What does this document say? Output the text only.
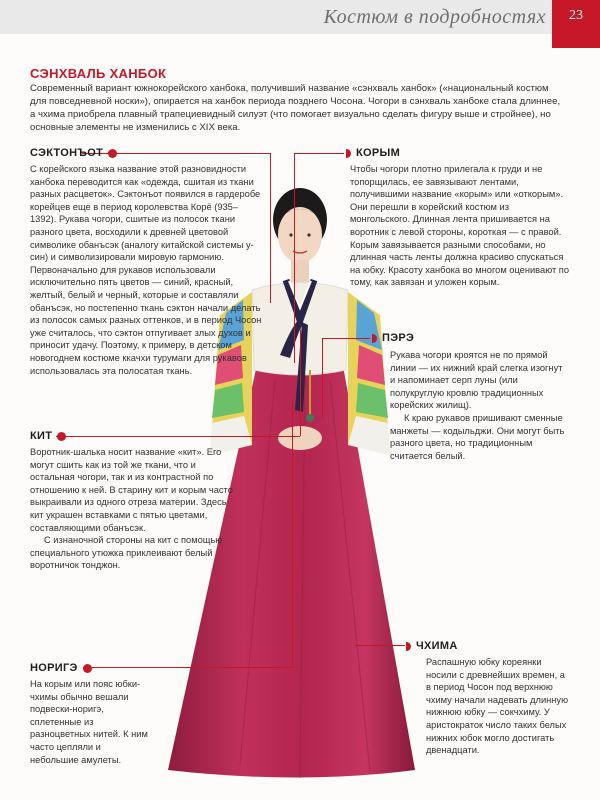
Костюм в подробностях	23
СЭНХВАЛЬ ХАНБОК

Современный вариант южнокорейского ханбока, получивший название «сэнхваль ханбок» («национальный костюм для повседневной носки»), опирается на ханбок периода позднего Чосона. Чогори в сэнхваль ханбоке стала длиннее, а чхима приобрела плавный трапециевидный силуэт (что помогает визуально сделать фигуру выше и стройнее), но основные элементы не изменились с XIX века.

СЭКТОНЪОТ

С корейского языка название этой разновидности ханбока переводится как «одежда, сшитая из ткани разных расцветок». Сэктонъот появился в гардеробе корейцев еще в период королевства Корё (935–1392). Рукава чогори, сшитые из полосок ткани разного цвета, восходили к древней цветовой символике обанъсэк (аналогу китайской системы у-син) и символизировали мировую гармонию. Первоначально для рукавов использовали исключительно пять цветов — синий, красный, желтый, белый и черный, которые и составляли обанъсэк, но постепенно ткань сэктон начали делать из полосок самых разных оттенков, и в период Чосон уже считалось, что сэктон отпугивает злых духов и приносит удачу. Поэтому, к примеру, в детском новогоднем костюме ккачхи турумаги для рукавов использовалась эта полосатая ткань.

КИТ

Воротник-шалька носит название «кит». Его могут сшить как из той же ткани, что и остальная чогори, так и из контрастной по отношению к ней. В старину кит и корым часто выкраивали из одного отреза материи. Здесь кит украшен вставками с пятью цветами, составляющими обанъсэк.

С изнаночной стороны на кит с помощью специального утюжка приклеивают белый воротничок тонджон.

НОРИГЭ

На корым или пояс юбки-чхимы обычно вешали подвески-норигэ, сплетенные из разноцветных нитей. К ним часто цепляли и небольшие амулеты.

КОРЫМ

Чтобы чогори плотно прилегала к груди и не топорщилась, ее завязывают лентами, получившими название «корым» или «откорым». Они перешли в корейский костюм из монгольского. Длинная лента пришивается на воротник с левой стороны, короткая — с правой. Корым завязывается разными способами, но длинная часть ленты должна красиво спускаться на юбку. Красоту ханбока во многом оценивают по тому, как завязан и уложен корым.

ПЭРЭ

Рукава чогори кроятся не по прямой линии — их нижний край слегка изогнут и напоминает серп луны (или полукруглую кровлю традиционных корейских жилищ).

К краю рукавов пришивают сменные манжеты — кодыльджи. Они могут быть разного цвета, но традиционным считается белый.

ЧХИМА

Распашную юбку кореянки носили с древнейших времен, а в период Чосон под верхнюю чхиму начали надевать длинную нижнюю юбку — сокчхиму. У аристократок число таких белых нижних юбок могло достигать двенадцати.
